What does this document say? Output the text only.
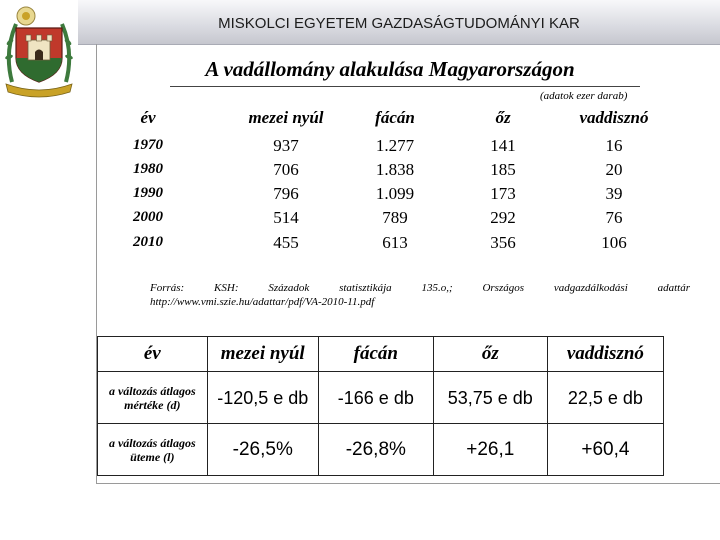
MISKOLCI EGYETEM GAZDASÁGTUDOMÁNYI KAR
A vadállomány alakulása Magyarországon
(adatok ezer darab)
év	mezei nyúl	fácán	őz	vaddisznó
1970	937	1.277	141	16
1980	706	1.838	185	20
1990	796	1.099	173	39
2000	514	789	292	76
2010	455	613	356	106
Forrás:	KSH:	Századok	statisztikája	135.o,;	Országos	vadgazdálkodási	adattár
http://www.vmi.szie.hu/adattar/pdf/VA-2010-11.pdf
év	mezei nyúl	fácán	őz	vaddisznó
a változás átlagos mértéke (d)	-120,5 e db	-166 e db	53,75 e db	22,5 e db
a változás átlagos üteme (l)	-26,5%	-26,8%	+26,1	+60,4
